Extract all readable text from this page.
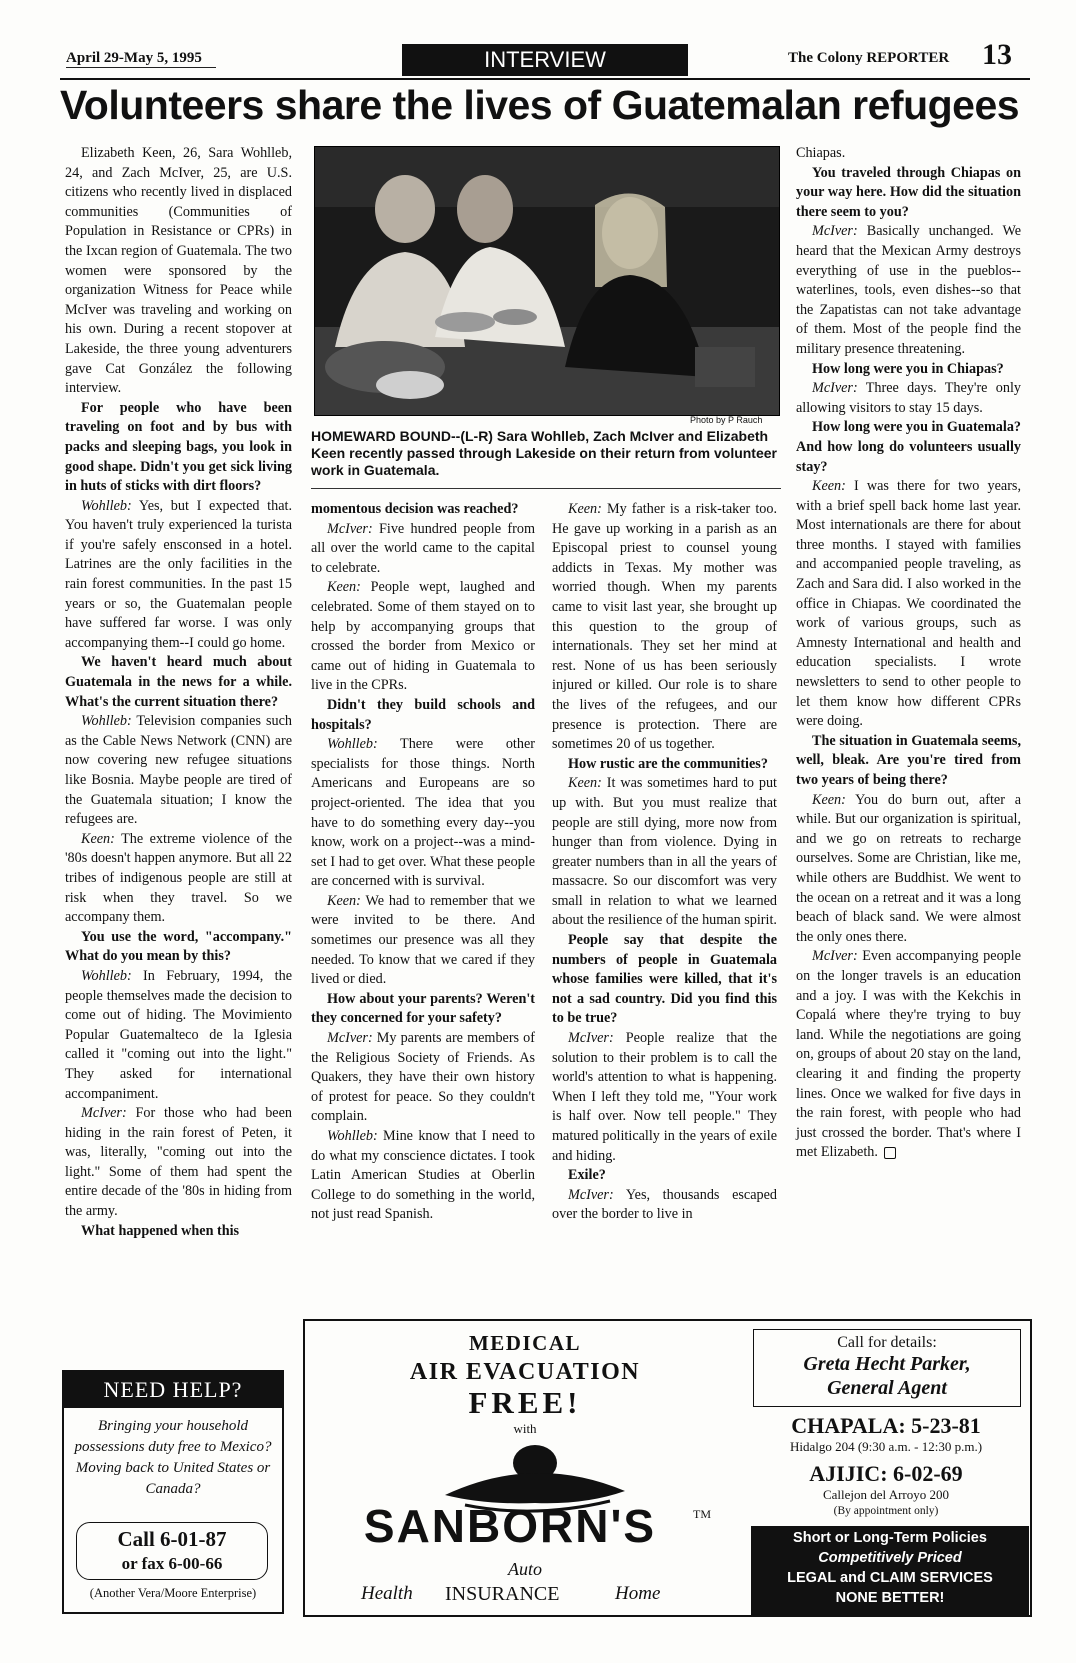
April 29-May 5, 1995	INTERVIEW	The Colony REPORTER 13
Volunteers share the lives of Guatemalan refugees

Elizabeth Keen, 26, Sara Wohlleb, 24, and Zach McIver, 25, are U.S. citizens who recently lived in displaced communities (Communities of Population in Resistance or CPRs) in the Ixcan region of Guatemala. The two women were sponsored by the organization Witness for Peace while McIver was traveling and working on his own. During a recent stopover at Lakeside, the three young adventurers gave Cat González the following interview.

For people who have been traveling on foot and by bus with packs and sleeping bags, you look in good shape. Didn't you get sick living in huts of sticks with dirt floors?

Wohlleb: Yes, but I expected that. You haven't truly experienced la turista if you're safely ensconsed in a hotel. Latrines are the only facilities in the rain forest communities. In the past 15 years or so, the Guatemalan people have suffered far worse. I was only accompanying them--I could go home.

We haven't heard much about Guatemala in the news for a while. What's the current situation there?

Wohlleb: Television companies such as the Cable News Network (CNN) are now covering new refugee situations like Bosnia. Maybe people are tired of the Guatemala situation; I know the refugees are.

Keen: The extreme violence of the '80s doesn't happen anymore. But all 22 tribes of indigenous people are still at risk when they travel. So we accompany them.

You use the word, "accompany." What do you mean by this?

Wohlleb: In February, 1994, the people themselves made the decision to come out of hiding. The Movimiento Popular Guatemalteco de la Iglesia called it "coming out into the light." They asked for international accompaniment.

McIver: For those who had been hiding in the rain forest of Peten, it was, literally, "coming out into the light." Some of them had spent the entire decade of the '80s in hiding from the army.

What happened when this

momentous decision was reached?

McIver: Five hundred people from all over the world came to the capital to celebrate.

Keen: People wept, laughed and celebrated. Some of them stayed on to help by accompanying groups that crossed the border from Mexico or came out of hiding in Guatemala to live in the CPRs.

Didn't they build schools and hospitals?

Wohlleb: There were other specialists for those things. North Americans and Europeans are so project-oriented. The idea that you have to do something every day--you know, work on a project--was a mind-set I had to get over. What these people are concerned with is survival.

Keen: We had to remember that we were invited to be there. And sometimes our presence was all they needed. To know that we cared if they lived or died.

How about your parents? Weren't they concerned for your safety?

McIver: My parents are members of the Religious Society of Friends. As Quakers, they have their own history of protest for peace. So they couldn't complain.

Wohlleb: Mine know that I need to do what my conscience dictates. I took Latin American Studies at Oberlin College to do something in the world, not just read Spanish.

Keen: My father is a risk-taker too. He gave up working in a parish as an Episcopal priest to counsel young addicts in Texas. My mother was worried though. When my parents came to visit last year, she brought up this question to the group of internationals. They set her mind at rest. None of us has been seriously injured or killed. Our role is to share the lives of the refugees, and our presence is protection. There are sometimes 20 of us together.

How rustic are the communities?

Keen: It was sometimes hard to put up with. But you must realize that people are still dying, more now from hunger than from violence. Dying in greater numbers than in all the years of massacre. So our discomfort was very small in relation to what we learned about the resilience of the human spirit.

People say that despite the numbers of people in Guatemala whose families were killed, that it's not a sad country. Did you find this to be true?

McIver: People realize that the solution to their problem is to call the world's attention to what is happening. When I left they told me, "Your work is half over. Now tell people." They matured politically in the years of exile and hiding.

Exile?

McIver: Yes, thousands escaped over the border to live in

Chiapas.

You traveled through Chiapas on your way here. How did the situation there seem to you?

McIver: Basically unchanged. We heard that the Mexican Army destroys everything of use in the pueblos--waterlines, tools, even dishes--so that the Zapatistas can not take advantage of them. Most of the people find the military presence threatening.

How long were you in Chiapas?

McIver: Three days. They're only allowing visitors to stay 15 days.

How long were you in Guatemala? And how long do volunteers usually stay?

Keen: I was there for two years, with a brief spell back home last year. Most internationals are there for about three months. I stayed with families and accompanied people traveling, as Zach and Sara did. I also worked in the office in Chiapas. We coordinated the work of various groups, such as Amnesty International and health and education specialists. I wrote newsletters to send to other people to let them know how different CPRs were doing.

The situation in Guatemala seems, well, bleak. Are you're tired from two years of being there?

Keen: You do burn out, after a while. But our organization is spiritual, and we go on retreats to recharge ourselves. Some are Christian, like me, while others are Buddhist. We went to the ocean on a retreat and it was a long beach of black sand. We were almost the only ones there.

McIver: Even accompanying people on the longer travels is an education and a joy. I was with the Kekchis in Copalá where they're trying to buy land. While the negotiations are going on, groups of about 20 stay on the land, clearing it and finding the property lines. Once we walked for five days in the rain forest, with people who had just crossed the border. That's where I met Elizabeth.

Photo by P Rauch
HOMEWARD BOUND--(L-R) Sara Wohlleb, Zach McIver and Elizabeth Keen recently passed through Lakeside on their return from volunteer work in Guatemala.
NEED HELP?
Bringing your household possessions duty free to Mexico? Moving back to United States or Canada?
Call 6-01-87
or fax 6-00-66
(Another Vera/Moore Enterprise)
MEDICAL
AIR EVACUATION
FREE!
with
SANBORN'S	TM
Auto
Health INSURANCE	Home
Call for details:
Greta Hecht Parker,
General Agent
CHAPALA: 5-23-81
Hidalgo 204 (9:30 a.m. - 12:30 p.m.)
AJIJIC: 6-02-69
Callejon del Arroyo 200
(By appointment only)
Short or Long-Term Policies
Competitively Priced
LEGAL and CLAIM SERVICES
NONE BETTER!
